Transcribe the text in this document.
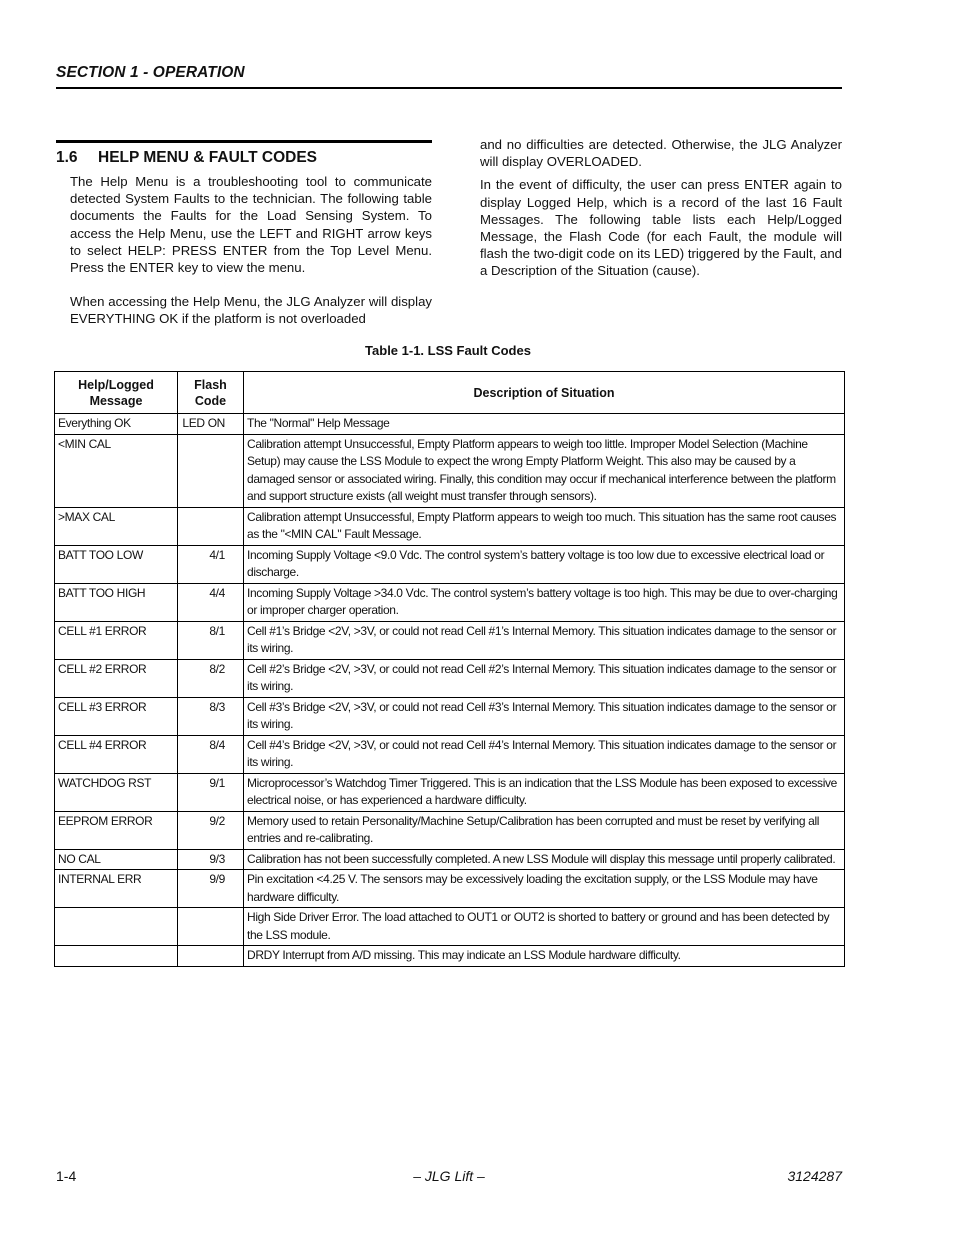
SECTION 1 - OPERATION
1.6 HELP MENU & FAULT CODES

The Help Menu is a troubleshooting tool to communicate detected System Faults to the technician. The following table documents the Faults for the Load Sensing System. To access the Help Menu, use the LEFT and RIGHT arrow keys to select HELP: PRESS ENTER from the Top Level Menu. Press the ENTER key to view the menu.

When accessing the Help Menu, the JLG Analyzer will display EVERYTHING OK if the platform is not overloaded

and no difficulties are detected. Otherwise, the JLG Analyzer will display OVERLOADED.

In the event of difficulty, the user can press ENTER again to display Logged Help, which is a record of the last 16 Fault Messages. The following table lists each Help/Logged Message, the Flash Code (for each Fault, the module will flash the two-digit code on its LED) triggered by the Fault, and a Description of the Situation (cause).

Table 1-1. LSS Fault Codes
Help/Logged Message	Flash Code	Description of Situation
Everything OK	LED ON	The "Normal" Help Message
<MIN CAL		Calibration attempt Unsuccessful, Empty Platform appears to weigh too little. Improper Model Selection (Machine Setup) may cause the LSS Module to expect the wrong Empty Platform Weight. This also may be caused by a damaged sensor or associated wiring. Finally, this condition may occur if mechanical interference between the platform and support structure exists (all weight must transfer through sensors).
>MAX CAL		Calibration attempt Unsuccessful, Empty Platform appears to weigh too much. This situation has the same root causes as the "<MIN CAL" Fault Message.
BATT TOO LOW	4/1	Incoming Supply Voltage <9.0 Vdc. The control system’s battery voltage is too low due to excessive electrical load or discharge.
BATT TOO HIGH	4/4	Incoming Supply Voltage >34.0 Vdc. The control system’s battery voltage is too high. This may be due to over-charging or improper charger operation.
CELL #1 ERROR	8/1	Cell #1’s Bridge <2V, >3V, or could not read Cell #1’s Internal Memory. This situation indicates damage to the sensor or its wiring.
CELL #2 ERROR	8/2	Cell #2’s Bridge <2V, >3V, or could not read Cell #2’s Internal Memory. This situation indicates damage to the sensor or its wiring.
CELL #3 ERROR	8/3	Cell #3’s Bridge <2V, >3V, or could not read Cell #3’s Internal Memory. This situation indicates damage to the sensor or its wiring.
CELL #4 ERROR	8/4	Cell #4’s Bridge <2V, >3V, or could not read Cell #4’s Internal Memory. This situation indicates damage to the sensor or its wiring.
WATCHDOG RST	9/1	Microprocessor’s Watchdog Timer Triggered. This is an indication that the LSS Module has been exposed to excessive electrical noise, or has experienced a hardware difficulty.
EEPROM ERROR	9/2	Memory used to retain Personality/Machine Setup/Calibration has been corrupted and must be reset by verifying all entries and re-calibrating.
NO CAL	9/3	Calibration has not been successfully completed. A new LSS Module will display this message until properly calibrated.
INTERNAL ERR	9/9	Pin excitation <4.25 V. The sensors may be excessively loading the excitation supply, or the LSS Module may have hardware difficulty.
		High Side Driver Error. The load attached to OUT1 or OUT2 is shorted to battery or ground and has been detected by the LSS module.
		DRDY Interrupt from A/D missing. This may indicate an LSS Module hardware difficulty.
1-4	– JLG Lift –	3124287
